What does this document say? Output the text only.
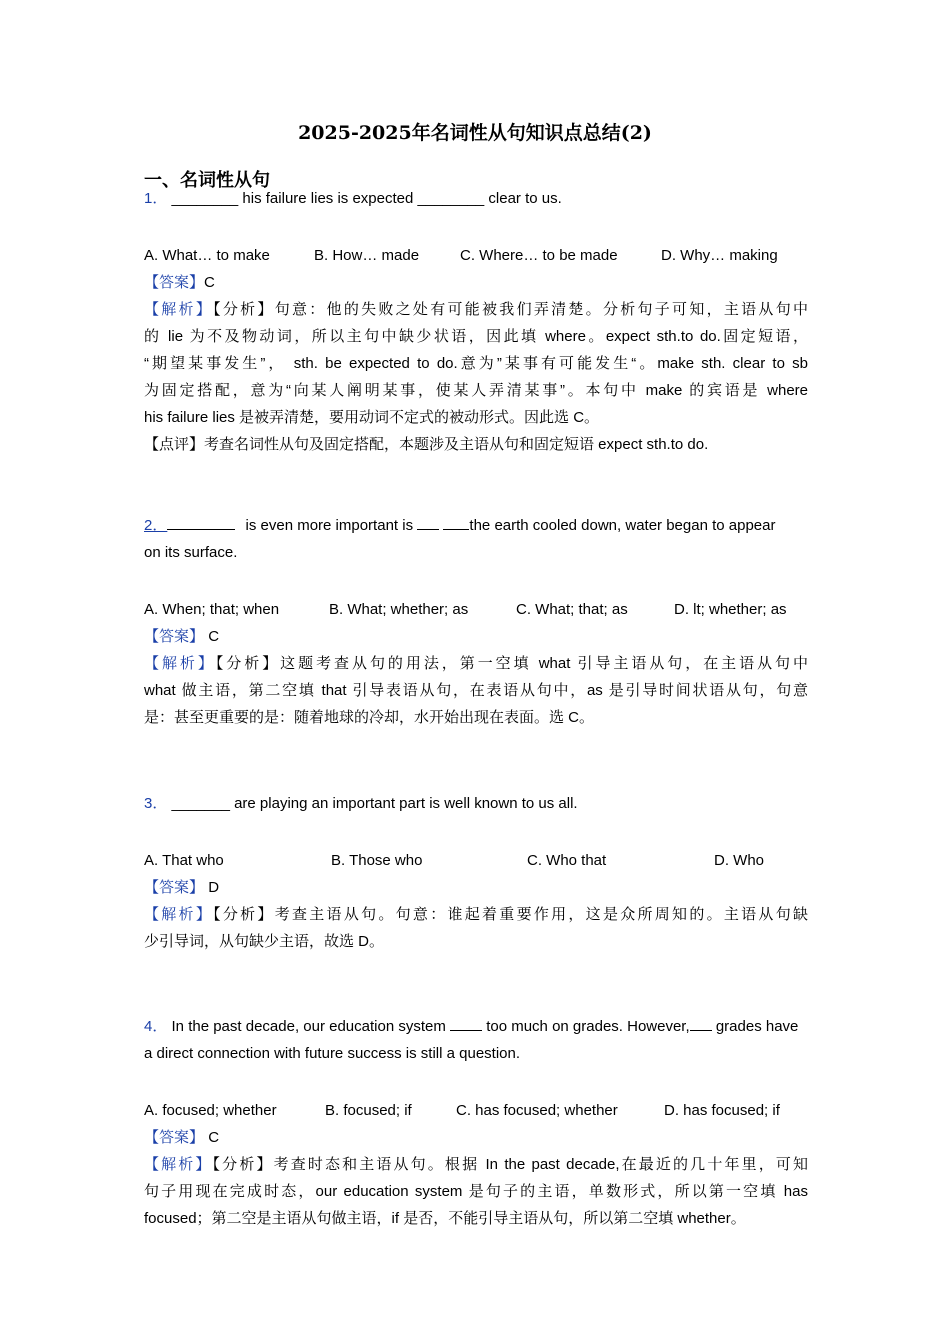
2025-2025年名词性从句知识点总结(2)
一、名词性从句
1． ________ his failure lies is expected ________ clear to us.
A. What… to make	B. How… made	C. Where… to be made	D. Why… making
【答案】C
【解析】【分析】句意：他的失败之处有可能被我们弄清楚。分析句子可知，主语从句中
的 lie 为不及物动词，所以主句中缺少状语，因此填 where。expect sth.to do.固定短语，
“期望某事发生”， sth. be expected to do.意为”某事有可能发生“。make sth. clear to sb
为固定搭配，意为“向某人阐明某事，使某人弄清某事”。本句中 make 的宾语是 where
his failure lies 是被弄清楚，要用动词不定式的被动形式。因此选 C。
【点评】考查名词性从句及固定搭配，本题涉及主语从句和固定短语 expect sth.to do.
2．	is even more important is	the earth cooled down, water began to appear
on its surface.
A. When; that; when	B. What; whether; as	C. What; that; as	D. lt; whether; as
【答案】 C
【解析】【分析】这题考查从句的用法，第一空填 what 引导主语从句，在主语从句中
what 做主语，第二空填 that 引导表语从句，在表语从句中，as 是引导时间状语从句，句意
是：甚至更重要的是：随着地球的冷却，水开始出现在表面。选 C。
3． _______ are playing an important part is well known to us all.
A. That who	B. Those who	C. Who that	D. Who
【答案】 D
【解析】【分析】考查主语从句。句意：谁起着重要作用，这是众所周知的。主语从句缺
少引导词，从句缺少主语，故选 D。
4． In the past decade, our education system  too much on grades. However, grades have
a direct connection with future success is still a question.
A. focused; whether	B. focused; if	C. has focused; whether	D. has focused; if
【答案】 C
【解析】【分析】考查时态和主语从句。根据 In the past decade,在最近的几十年里，可知
句子用现在完成时态，our education system 是句子的主语，单数形式，所以第一空填 has
focused；第二空是主语从句做主语，if 是否，不能引导主语从句，所以第二空填 whether。
